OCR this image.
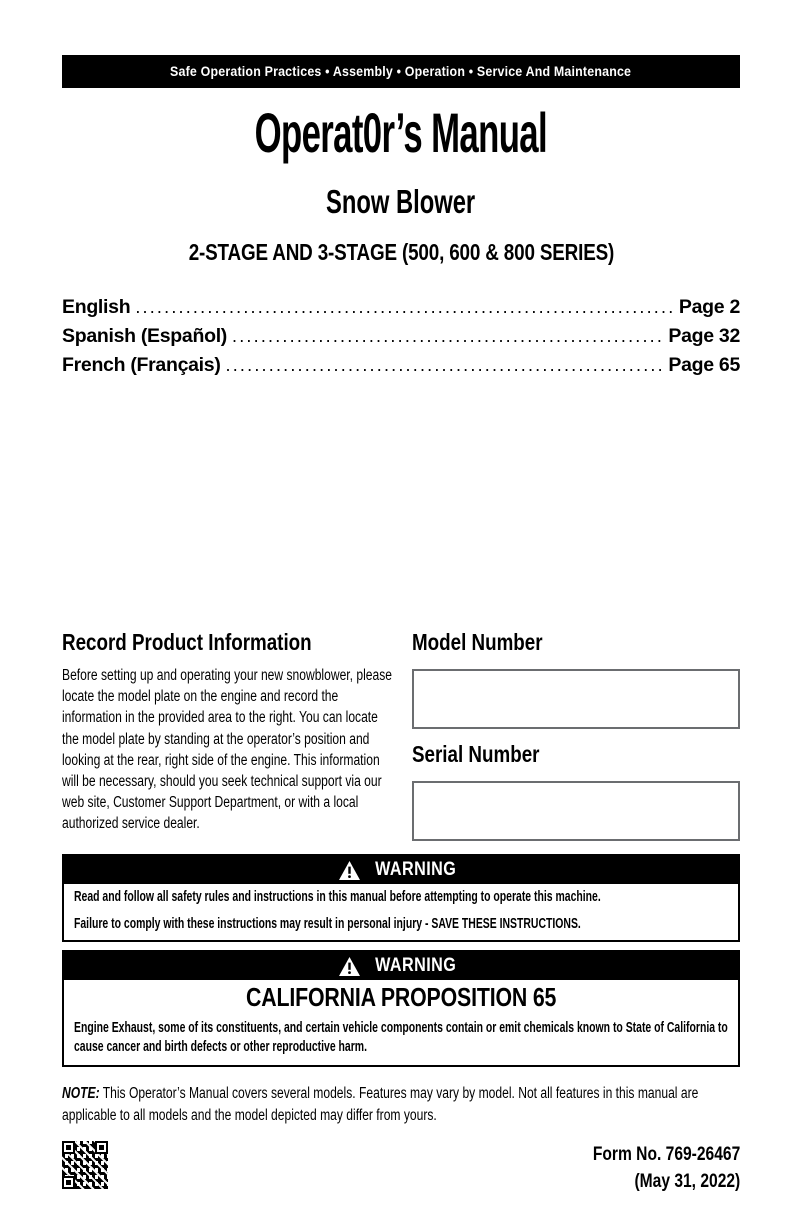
Safe Operation Practices • Assembly • Operation • Service And Maintenance
Operat0r’s Manual
Snow Blower
2-STAGE AND 3-STAGE (500, 600 & 800 SERIES)
English .....	Page 2
Spanish (Español) .....	Page 32
French (Français) .....	Page 65
Record Product Information

Before setting up and operating your new snowblower, please locate the model plate on the engine and record the information in the provided area to the right. You can locate the model plate by standing at the operator’s position and looking at the rear, right side of the engine. This information will be necessary, should you seek technical support via our web site, Customer Support Department, or with a local authorized service dealer.

Model Number
Serial Number
WARNING

Read and follow all safety rules and instructions in this manual before attempting to operate this machine.

Failure to comply with these instructions may result in personal injury - SAVE THESE INSTRUCTIONS.

WARNING
CALIFORNIA PROPOSITION 65

Engine Exhaust, some of its constituents, and certain vehicle components contain or emit chemicals known to State of California to cause cancer and birth defects or other reproductive harm.

NOTE: This Operator’s Manual covers several models. Features may vary by model. Not all features in this manual are applicable to all models and the model depicted may differ from yours.

Form No. 769-26467
(May 31, 2022)
